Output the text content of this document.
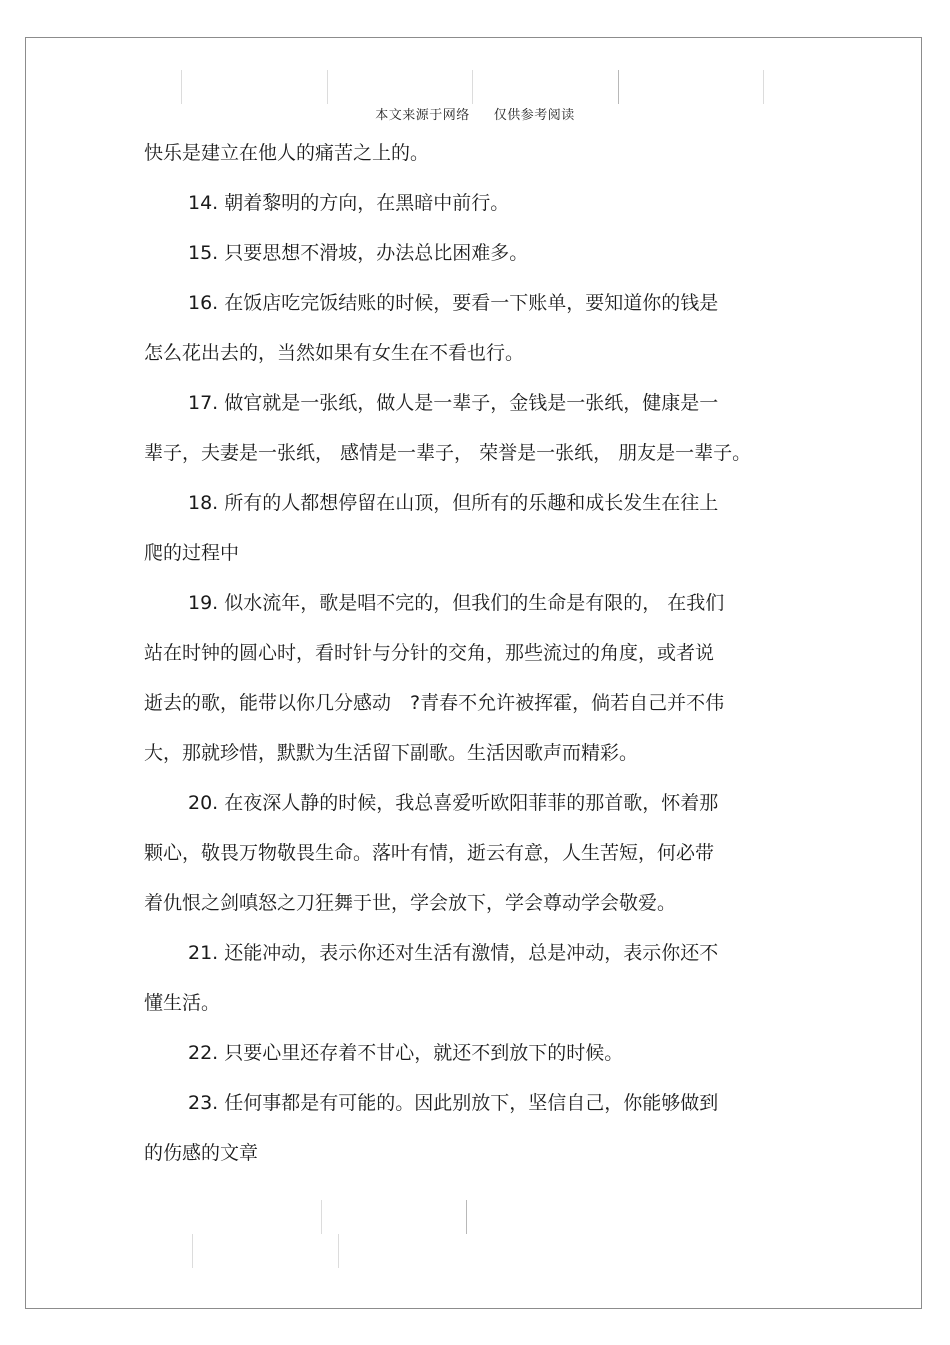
本文来源于网络 仅供参考阅读
快乐是建立在他人的痛苦之上的。
14. 朝着黎明的方向，在黑暗中前行。
15. 只要思想不滑坡，办法总比困难多。
16. 在饭店吃完饭结账的时候，要看一下账单，要知道你的钱是
怎么花出去的，当然如果有女生在不看也行。
17. 做官就是一张纸，做人是一辈子，金钱是一张纸，健康是一
辈子，夫妻是一张纸， 感情是一辈子， 荣誉是一张纸， 朋友是一辈子。
18. 所有的人都想停留在山顶，但所有的乐趣和成长发生在往上
爬的过程中
19. 似水流年，歌是唱不完的，但我们的生命是有限的， 在我们
站在时钟的圆心时，看时针与分针的交角，那些流过的角度，或者说
逝去的歌，能带以你几分感动　?青春不允许被挥霍，倘若自己并不伟
大，那就珍惜，默默为生活留下副歌。生活因歌声而精彩。
20. 在夜深人静的时候，我总喜爱听欧阳菲菲的那首歌，怀着那
颗心，敬畏万物敬畏生命。落叶有情，逝云有意，人生苦短，何必带
着仇恨之剑嗔怒之刀狂舞于世，学会放下，学会尊动学会敬爱。
21. 还能冲动，表示你还对生活有激情，总是冲动，表示你还不
懂生活。
22. 只要心里还存着不甘心，就还不到放下的时候。
23. 任何事都是有可能的。因此别放下，坚信自己，你能够做到
的伤感的文章
